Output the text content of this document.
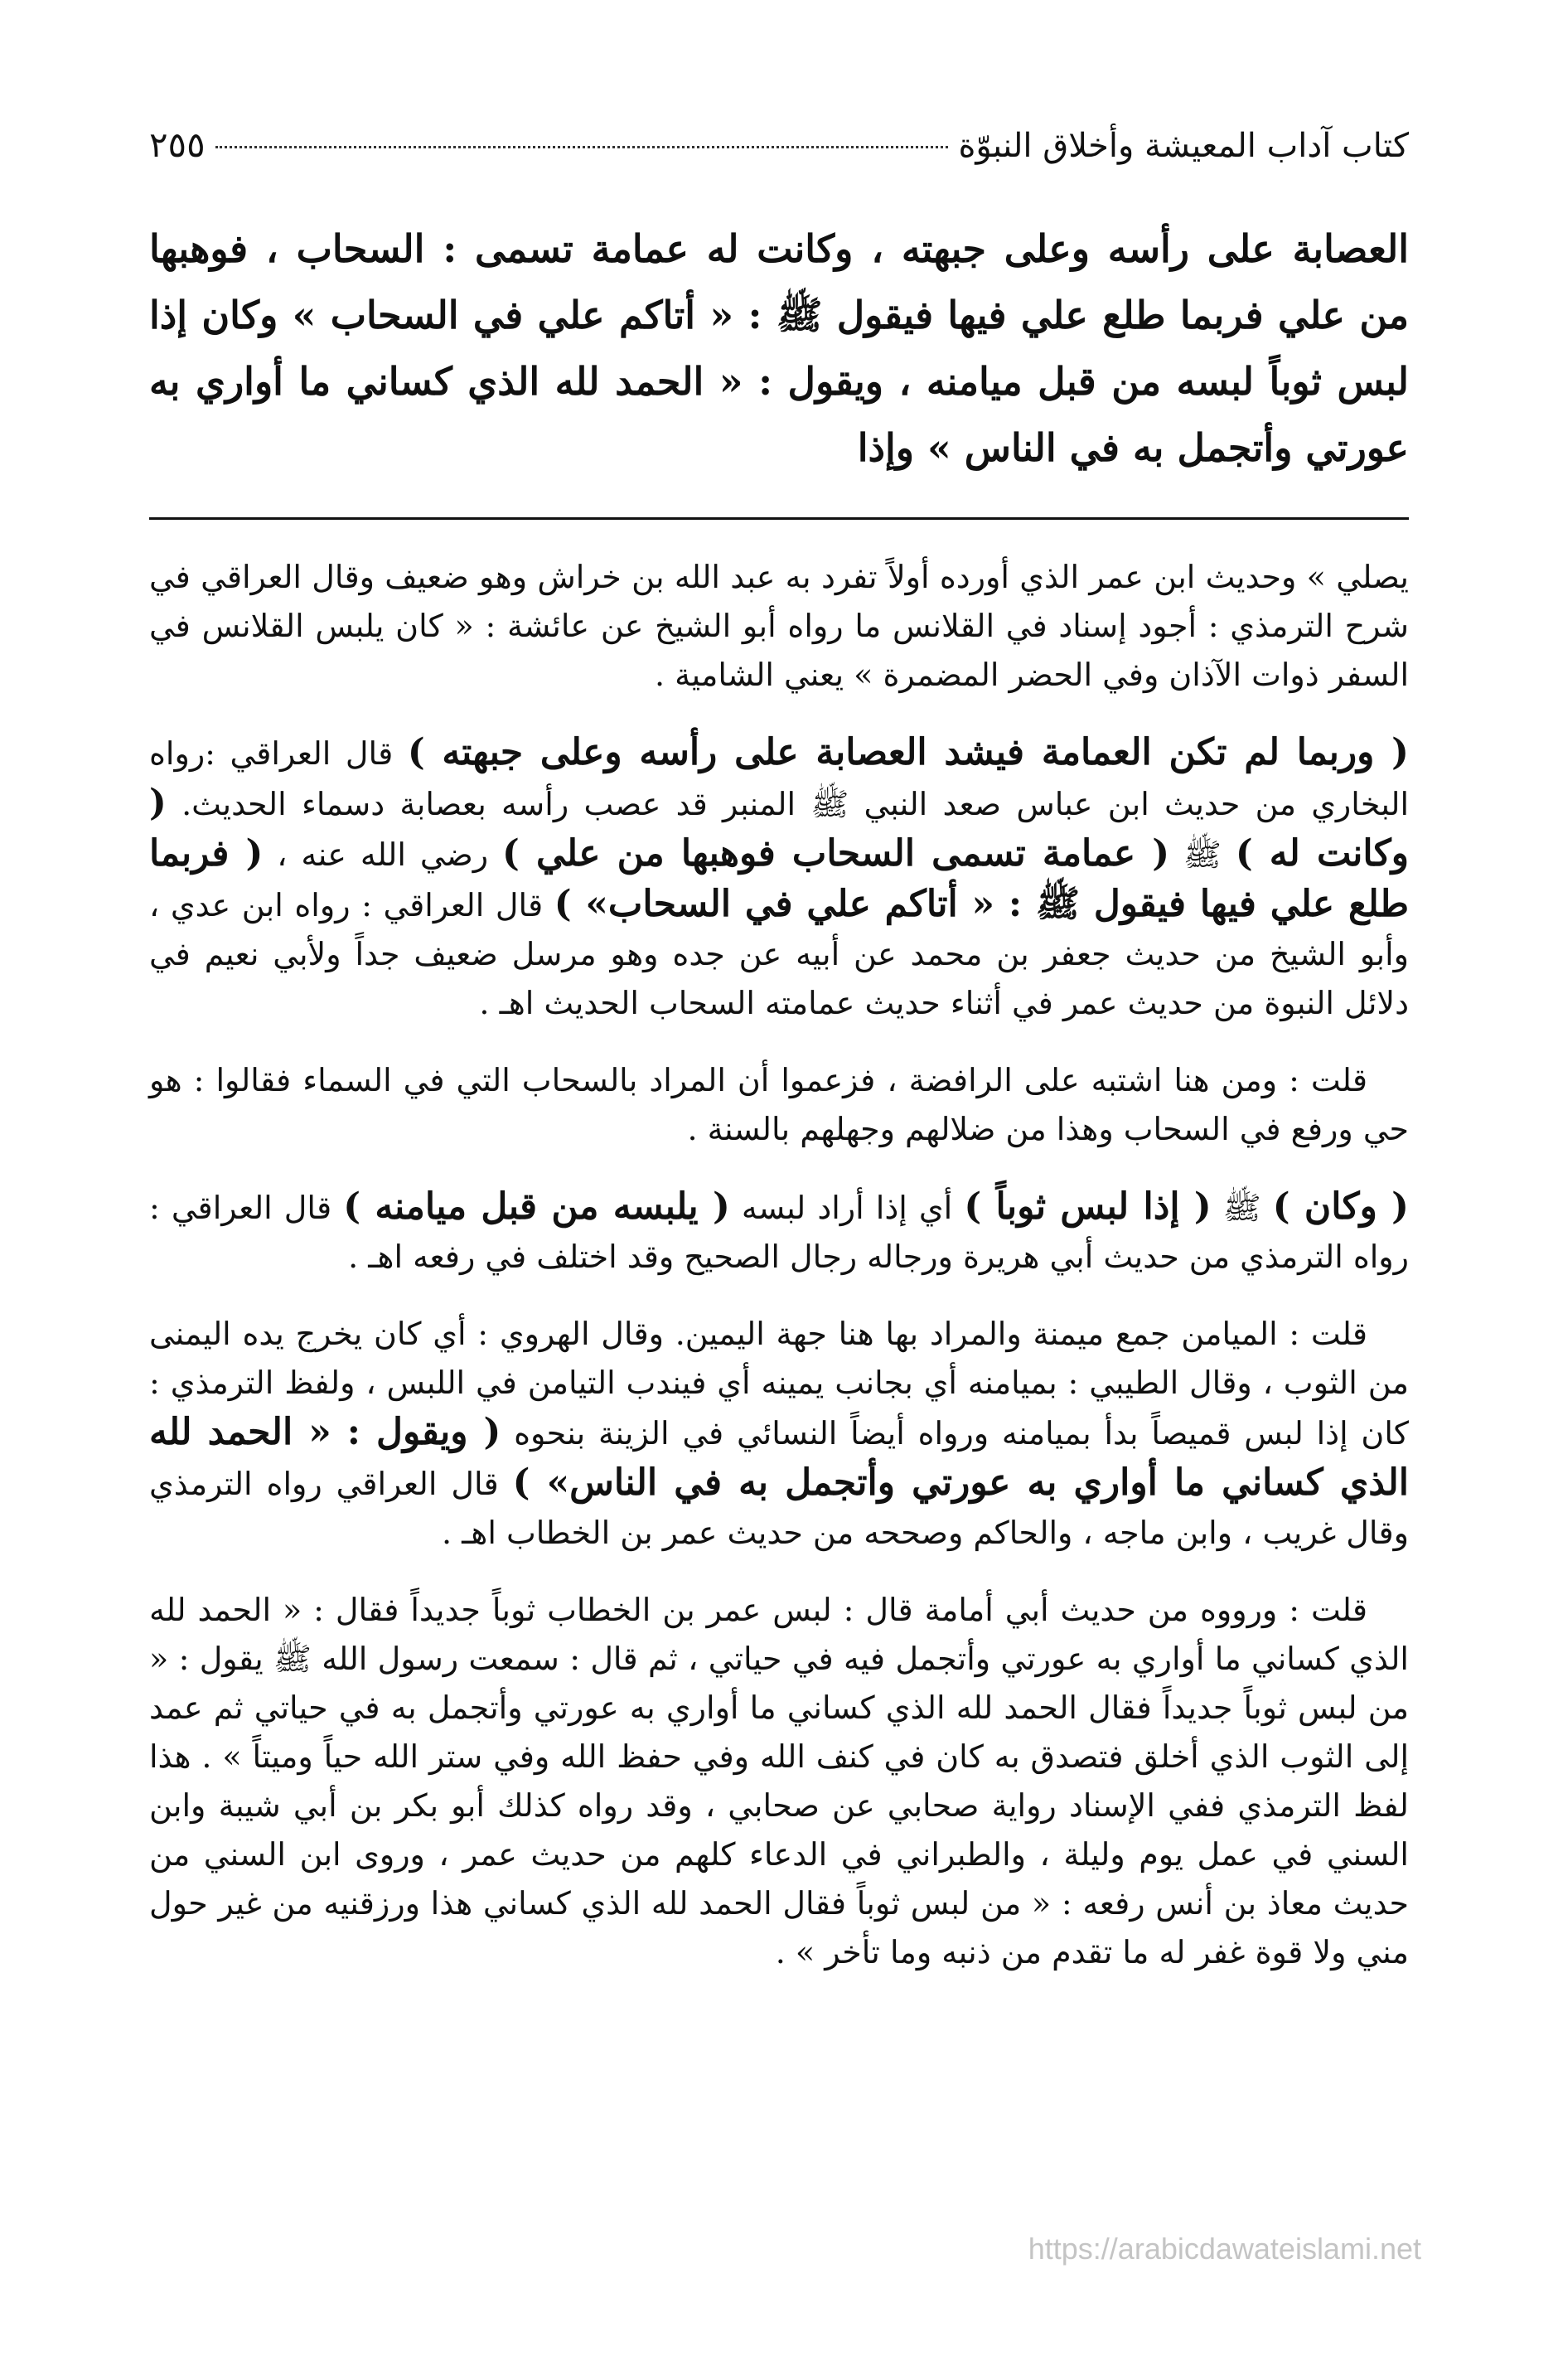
كتاب آداب المعيشة وأخلاق النبوّة
٢٥٥

العصابة على رأسه وعلى جبهته ، وكانت له عمامة تسمى : السحاب ، فوهبها من علي فربما طلع علي فيها فيقول ﷺ : « أتاكم علي في السحاب » وكان إذا لبس ثوباً لبسه من قبل ميامنه ، ويقول : « الحمد لله الذي كساني ما أواري به عورتي وأتجمل به في الناس » وإذا

يصلي » وحديث ابن عمر الذي أورده أولاً تفرد به عبد الله بن خراش وهو ضعيف وقال العراقي في شرح الترمذي : أجود إسناد في القلانس ما رواه أبو الشيخ عن عائشة : « كان يلبس القلانس في السفر ذوات الآذان وفي الحضر المضمرة » يعني الشامية .

( وربما لم تكن العمامة فيشد العصابة على رأسه وعلى جبهته ) قال العراقي :رواه البخاري من حديث ابن عباس صعد النبي ﷺ المنبر قد عصب رأسه بعصابة دسماء الحديث. ( وكانت له ) ﷺ ( عمامة تسمى السحاب فوهبها من علي ) رضي الله عنه ، ( فربما طلع علي فيها فيقول ﷺ : « أتاكم علي في السحاب» ) قال العراقي : رواه ابن عدي ، وأبو الشيخ من حديث جعفر بن محمد عن أبيه عن جده وهو مرسل ضعيف جداً ولأبي نعيم في دلائل النبوة من حديث عمر في أثناء حديث عمامته السحاب الحديث اهـ .

قلت : ومن هنا اشتبه على الرافضة ، فزعموا أن المراد بالسحاب التي في السماء فقالوا : هو حي ورفع في السحاب وهذا من ضلالهم وجهلهم بالسنة .

( وكان ) ﷺ ( إذا لبس ثوباً ) أي إذا أراد لبسه ( يلبسه من قبل ميامنه ) قال العراقي : رواه الترمذي من حديث أبي هريرة ورجاله رجال الصحيح وقد اختلف في رفعه اهـ .

قلت : الميامن جمع ميمنة والمراد بها هنا جهة اليمين. وقال الهروي : أي كان يخرج يده اليمنى من الثوب ، وقال الطيبي : بميامنه أي بجانب يمينه أي فيندب التيامن في اللبس ، ولفظ الترمذي : كان إذا لبس قميصاً بدأ بميامنه ورواه أيضاً النسائي في الزينة بنحوه ( ويقول : « الحمد لله الذي كساني ما أواري به عورتي وأتجمل به في الناس» ) قال العراقي رواه الترمذي وقال غريب ، وابن ماجه ، والحاكم وصححه من حديث عمر بن الخطاب اهـ .

قلت : ورووه من حديث أبي أمامة قال : لبس عمر بن الخطاب ثوباً جديداً فقال : « الحمد لله الذي كساني ما أواري به عورتي وأتجمل فيه في حياتي ، ثم قال : سمعت رسول الله ﷺ يقول : « من لبس ثوباً جديداً فقال الحمد لله الذي كساني ما أواري به عورتي وأتجمل به في حياتي ثم عمد إلى الثوب الذي أخلق فتصدق به كان في كنف الله وفي حفظ الله وفي ستر الله حياً وميتاً » . هذا لفظ الترمذي ففي الإسناد رواية صحابي عن صحابي ، وقد رواه كذلك أبو بكر بن أبي شيبة وابن السني في عمل يوم وليلة ، والطبراني في الدعاء كلهم من حديث عمر ، وروى ابن السني من حديث معاذ بن أنس رفعه : « من لبس ثوباً فقال الحمد لله الذي كساني هذا ورزقنيه من غير حول مني ولا قوة غفر له ما تقدم من ذنبه وما تأخر » .

https://arabicdawateislami.net
